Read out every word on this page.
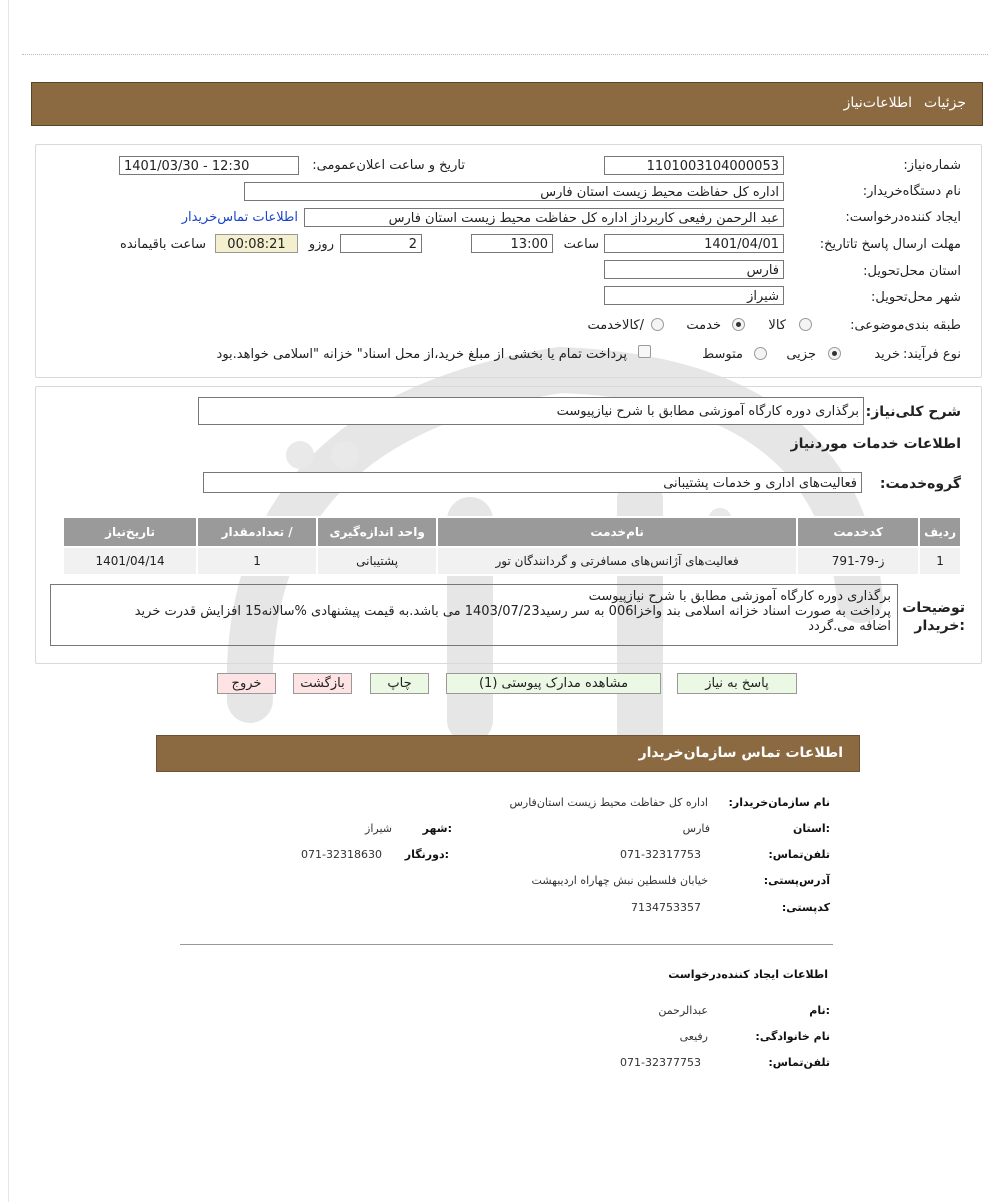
جزئیات
اطلاعات‌نیاز
شماره‌نیاز:
1101003104000053
تاریخ و ساعت اعلان‌عمومی:
1401/03/30 - 12:30
نام دستگاه‌خریدار:
اداره کل حفاظت محیط زیست استان فارس
ایجاد کننده‌درخواست:
عبد الرحمن رفیعی کاربرداز اداره کل حفاظت محیط زیست استان فارس
اطلاعات تماس‌خریدار
مهلت ارسال پاسخ تا‌تاریخ:
1401/04/01
ساعت
13:00
2
روزو
00:08:21
ساعت باقیمانده
استان محل‌تحویل:
فارس
شهر محل‌تحویل:
شیراز
طبقه بندی‌موضوعی:
کالا
خدمت
/کالاخدمت
نوع فرآیند:
خرید
جزیی
متوسط
پرداخت تمام یا بخشی از مبلغ خرید،از محل اسناد" خزانه "اسلامی خواهد.بود
شرح کلی‌نیاز:
برگذاری دوره کارگاه آموزشی مطابق با شرح نیازپیوست
اطلاعات خدمات موردنیاز
گروه‌خدمت:
فعالیت‌های اداری و خدمات پشتیبانی
ردیف	کدخدمت	نام‌خدمت	واحد اندازه‌گیری	/ تعدادمقدار	تاریخ‌نیاز
1	ز-79-791	فعالیت‌های آژانس‌های مسافرتی و گردانندگان تور	پشتیبانی	1	1401/04/14
توضیحات
:خریدار
برگذاری دوره کارگاه آموزشی مطابق با شرح نیازپیوست
پرداخت به صورت اسناد خزانه اسلامی بند واخزا006 به سر رسید1403/07/23 می باشد.به قیمت پیشنهادی %سالانه15 افزایش قدرت خرید
اضافه می.گردد
پاسخ به نیاز
مشاهده مدارک پیوستی (1)
چاپ
بازگشت
خروج
اطلاعات تماس سازمان‌خریدار
نام سازمان‌خریدار:
اداره کل حفاظت محیط زیست استان‌فارس
:استان
فارس
:شهر
شیراز
تلفن‌تماس:
071-32317753
:دورنگار
071-32318630
آدرس‌پستی:
خیابان فلسطین نبش چهاراه اردیبهشت
کد‌پستی:
7134753357
اطلاعات ایجاد کننده‌درخواست
:نام
عبدالرحمن
نام خانوادگی:
رفیعی
تلفن‌تماس:
071-32377753
